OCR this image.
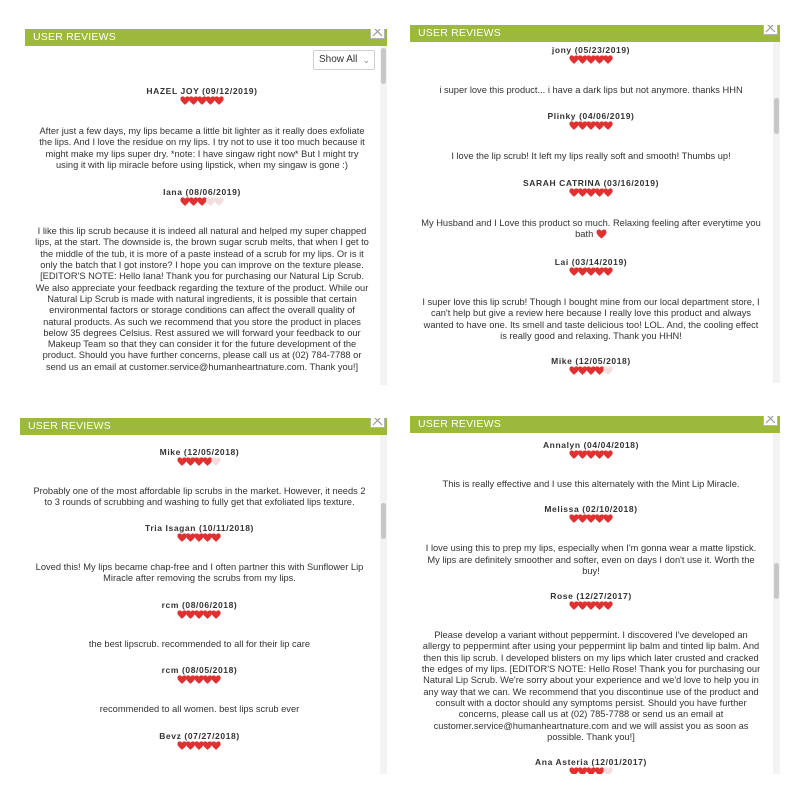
USER REVIEWS
Show All ⌄
HAZEL JOY (09/12/2019)
After just a few days, my lips became a little bit lighter as it really does exfoliate the lips. And I love the residue on my lips. I try not to use it too much because it might make my lips super dry. *note: I have singaw right now* But I might try using it with lip miracle before using lipstick, when my singaw is gone :)
Iana (08/06/2019)
I like this lip scrub because it is indeed all natural and helped my super chapped lips, at the start. The downside is, the brown sugar scrub melts, that when I get to the middle of the tub, it is more of a paste instead of a scrub for my lips. Or is it only the batch that I got instore? I hope you can improve on the texture please. [EDITOR'S NOTE: Hello Iana! Thank you for purchasing our Natural Lip Scrub. We also appreciate your feedback regarding the texture of the product. While our Natural Lip Scrub is made with natural ingredients, it is possible that certain environmental factors or storage conditions can affect the overall quality of natural products. As such we recommend that you store the product in places below 35 degrees Celsius. Rest assured we will forward your feedback to our Makeup Team so that they can consider it for the future development of the product. Should you have further concerns, please call us at (02) 784-7788 or send us an email at customer.service@humanheartnature.com. Thank you!]
USER REVIEWS
jony (05/23/2019)
i super love this product... i have a dark lips but not anymore. thanks HHN
Plinky (04/06/2019)
I love the lip scrub! It left my lips really soft and smooth! Thumbs up!
SARAH CATRINA (03/16/2019)
My Husband and I Love this product so much. Relaxing feeling after everytime you bath
Lai (03/14/2019)
I super love this lip scrub! Though I bought mine from our local department store, I can't help but give a review here because I really love this product and always wanted to have one. Its smell and taste delicious too! LOL. And, the cooling effect is really good and relaxing. Thank you HHN!
Mike (12/05/2018)
USER REVIEWS
Mike (12/05/2018)
Probably one of the most affordable lip scrubs in the market. However, it needs 2 to 3 rounds of scrubbing and washing to fully get that exfoliated lips texture.
Tria Isagan (10/11/2018)
Loved this! My lips became chap-free and I often partner this with Sunflower Lip Miracle after removing the scrubs from my lips.
rcm (08/06/2018)
the best lipscrub. recommended to all for their lip care
rcm (08/05/2018)
recommended to all women. best lips scrub ever
Bevz (07/27/2018)
USER REVIEWS
Annalyn (04/04/2018)
This is really effective and I use this alternately with the Mint Lip Miracle.
Melissa (02/10/2018)
I love using this to prep my lips, especially when I'm gonna wear a matte lipstick. My lips are definitely smoother and softer, even on days I don't use it. Worth the buy!
Rose (12/27/2017)
Please develop a variant without peppermint. I discovered I've developed an allergy to peppermint after using your peppermint lip balm and tinted lip balm. And then this lip scrub. I developed blisters on my lips which later crusted and cracked the edges of my lips. [EDITOR'S NOTE: Hello Rose! Thank you for purchasing our Natural Lip Scrub. We're sorry about your experience and we'd love to help you in any way that we can. We recommend that you discontinue use of the product and consult with a doctor should any symptoms persist. Should you have further concerns, please call us at (02) 785-7788 or send us an email at customer.service@humanheartnature.com and we will assist you as soon as possible. Thank you!]
Ana Asteria (12/01/2017)
